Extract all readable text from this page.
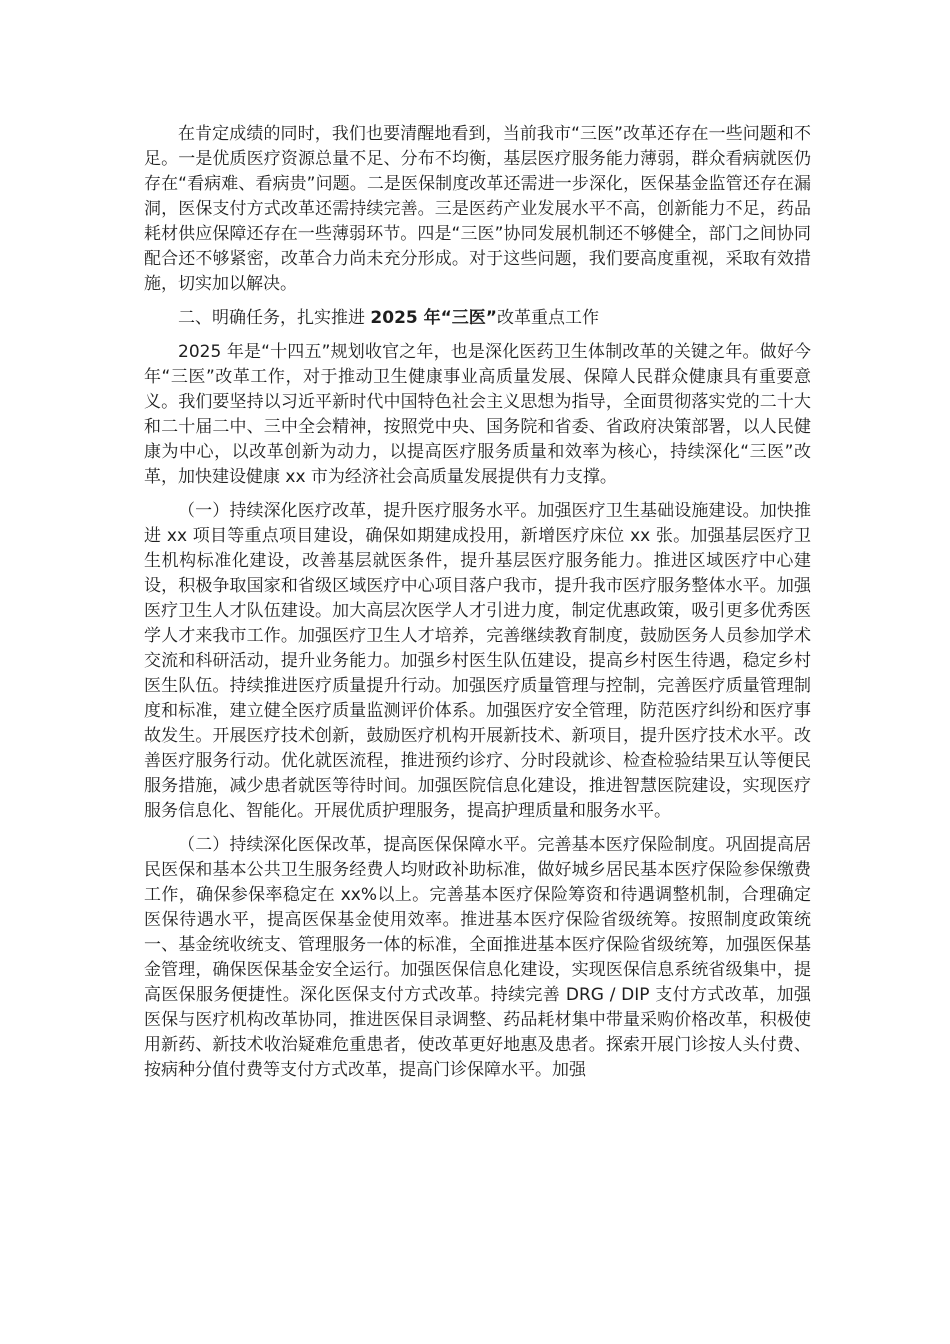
在肯定成绩的同时，我们也要清醒地看到，当前我市“三医”改革还存在一些问题和不足。一是优质医疗资源总量不足、分布不均衡，基层医疗服务能力薄弱，群众看病就医仍存在“看病难、看病贵”问题。二是医保制度改革还需进一步深化，医保基金监管还存在漏洞，医保支付方式改革还需持续完善。三是医药产业发展水平不高，创新能力不足，药品耗材供应保障还存在一些薄弱环节。四是“三医”协同发展机制还不够健全，部门之间协同配合还不够紧密，改革合力尚未充分形成。对于这些问题，我们要高度重视，采取有效措施，切实加以解决。

二、明确任务，扎实推进 2025 年“三医”改革重点工作

2025 年是“十四五”规划收官之年，也是深化医药卫生体制改革的关键之年。做好今年“三医”改革工作，对于推动卫生健康事业高质量发展、保障人民群众健康具有重要意义。我们要坚持以习近平新时代中国特色社会主义思想为指导，全面贯彻落实党的二十大和二十届二中、三中全会精神，按照党中央、国务院和省委、省政府决策部署，以人民健康为中心，以改革创新为动力，以提高医疗服务质量和效率为核心，持续深化“三医”改革，加快建设健康 xx 市为经济社会高质量发展提供有力支撑。

（一）持续深化医疗改革，提升医疗服务水平。加强医疗卫生基础设施建设。加快推进 xx 项目等重点项目建设，确保如期建成投用，新增医疗床位 xx 张。加强基层医疗卫生机构标准化建设，改善基层就医条件，提升基层医疗服务能力。推进区域医疗中心建设，积极争取国家和省级区域医疗中心项目落户我市，提升我市医疗服务整体水平。加强医疗卫生人才队伍建设。加大高层次医学人才引进力度，制定优惠政策，吸引更多优秀医学人才来我市工作。加强医疗卫生人才培养，完善继续教育制度，鼓励医务人员参加学术交流和科研活动，提升业务能力。加强乡村医生队伍建设，提高乡村医生待遇，稳定乡村医生队伍。持续推进医疗质量提升行动。加强医疗质量管理与控制，完善医疗质量管理制度和标准，建立健全医疗质量监测评价体系。加强医疗安全管理，防范医疗纠纷和医疗事故发生。开展医疗技术创新，鼓励医疗机构开展新技术、新项目，提升医疗技术水平。改善医疗服务行动。优化就医流程，推进预约诊疗、分时段就诊、检查检验结果互认等便民服务措施，减少患者就医等待时间。加强医院信息化建设，推进智慧医院建设，实现医疗服务信息化、智能化。开展优质护理服务，提高护理质量和服务水平。

（二）持续深化医保改革，提高医保保障水平。完善基本医疗保险制度。巩固提高居民医保和基本公共卫生服务经费人均财政补助标准，做好城乡居民基本医疗保险参保缴费工作，确保参保率稳定在 xx%以上。完善基本医疗保险筹资和待遇调整机制，合理确定医保待遇水平，提高医保基金使用效率。推进基本医疗保险省级统筹。按照制度政策统一、基金统收统支、管理服务一体的标准，全面推进基本医疗保险省级统筹，加强医保基金管理，确保医保基金安全运行。加强医保信息化建设，实现医保信息系统省级集中，提高医保服务便捷性。深化医保支付方式改革。持续完善 DRG / DIP 支付方式改革，加强医保与医疗机构改革协同，推进医保目录调整、药品耗材集中带量采购价格改革，积极使用新药、新技术收治疑难危重患者，使改革更好地惠及患者。探索开展门诊按人头付费、按病种分值付费等支付方式改革，提高门诊保障水平。加强
